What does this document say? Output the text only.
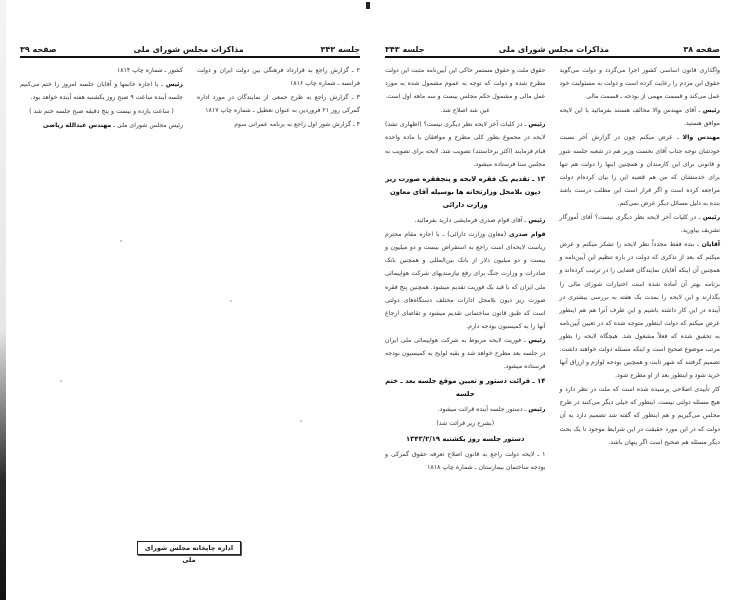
جلسه ۳۴۳
مذاکرات مجلس شورای ملی
صفحه ۳۹

۲ ـ گزارش راجع به قرارداد فرهنگی بین دولت ایران و دولت فرانسه ـ شماره چاپ ۱۸۱۶

۳ ـ گزارش راجع به طرح جمعی از نمایندگان در مورد اداره گمرکی روز ۲۱ فروردین به عنوان تعطیل ـ شماره چاپ ۱۸۱۷

۴ ـ گزارش شور اول راجع به برنامه عمرانی سوم

کشور ـ شماره چاپ ۱۸۱۴

رئیس ـ با اجازه خانمها و آقایان جلسه امروز را ختم می‌کنیم جلسه آینده ساعت ۹ صبح روز یکشنبه هفته آینده خواهد بود.

( ساعت یازده و بیست و پنج دقیقه صبح جلسه ختم شد )

رئیس مجلس شورای ملی ـ مهندس عبدالله ریاضی

اداره چاپخانه مجلس شورای ملی
صفحه ۳۸
مذاکرات مجلس شورای ملی
جلسه ۳۴۳

واگذاری قانون اساسی کشور اجرا می‌گردد و دولت می‌گوید حقوق این مردم را رعایت کرده است و دولت به مسئولیت خود عمل می‌کند و قسمت مهمی از بودجه ـ قسمت مالی

رئیس ـ آقای مهندس والا مخالف هستند بفرمائید با این لایحه موافق هستید.

مهندس والا ـ عرض میکنم چون در گزارش آخر نسبت خودشان توجه جناب آقای نخست وزیر هم در شعبه جلسه شور و قانونی برای این کارمندان و همچنین اینها را دولت هم تنها برای خدمتشان که من هم قضیه این را بیان کرده‌ام دولت مراجعه کرده است و اگر قرار است این مطلب درست باشد بنده به دلیل مسائل دیگر عرض نمی‌کنم.

رئیس ـ در کلیات آخر لایحه نظر دیگری نیست؟ آقای آموزگار تشریف بیاورید.

آقایان ـ بنده فقط مجدداً نظر لایحه را تشکر میکنم و عرض میکنم که بعد از تذکری که دولت در باره تنظیم این آیین‌نامه و همچنین آن اینکه آقایان نمایندگان قضایی را در ترتیب کرده‌اند و برنامه بهتر آن آماده شده است اختیارات شورای مالی را بگذارند و این لایحه را بمدت یک هفته به بررسی بیشتری در آینده در این کار داشته باشیم و این طرف آنرا هم هم اینطور عرض میکنم که دولت اینطور متوجه شده که در تعیین آیین‌نامه به تحقیق شده که فعلاً مشغول شد. هیچگاه لایحه را بطور مرتب موضوع صحیح است و اینکه مسئله دولت خواهند داشت. تصمیم گرفتند که شهر ثابت و همچنین بودجه لوازم و ارزاق آنها خرید شود و اینطور بعد از او مطرح شود.

کار تأییدی اصلاحی پرسیده شده است که ملت در نظر دارد و هیچ مسئله دولتی نیست. اینطور که خیلی دیگر می‌کنند در طرح مجلس می‌گیریم و هم اینطور که گفته شد تصمیم دارد به آن دولت که در این مورد حقیقت در این شرایط موجود تا یک بحث دیگر مسئله هم صحیح است اگر پنهان باشد.

حقوق ملت و حقوق مستمر حاکی این آیین‌نامه مثبت این دولت مطرح شده و دولت که توجه به عموم مشمول شده به مورد عمل مالی و مشمول حکم مجلس بیست و سه ماهه اول است.

عین شد اصلاح شد.

رئیس ـ در کلیات آخر لایحه نظر دیگری نیست؟ (اظهاری نشد) لایحه در مجموع بطور کلی مطرح و موافقان با ماده واحده قیام فرمایند (اکثر برخاستند) تصویب شد. لایحه برای تصویب به مجلس سنا فرستاده میشود.

۱۳ ـ تقدیم یک فقره لایحه و پنجفقره صورت ریز دیون بلامحل وزارتخانه ها بوسیله آقای معاون وزارت دارائی

رئیس ـ آقای قوام صدری فرمایشی دارید بفرمائید.

قوام صدری (معاون وزارت دارائی) ـ با اجازه مقام محترم ریاست لایحه‌ای است راجع به استقراض بیست و دو میلیون و بیست و دو میلیون دلار از بانک بین‌المللی و همچنین بانک صادرات و وزارت جنگ برای رفع نیازمندیهای شرکت هواپیمائی ملی ایران که با قید یک فوریت تقدیم میشود. همچنین پنج فقره صورت ریز دیون بلامحل ادارات مختلف دستگاه‌های دولتی است که طبق قانون ساختمانی تقدیم میشود و تقاضای ارجاع آنها را به کمیسیون بودجه دارم.

رئیس ـ فوریت لایحه مربوط به شرکت هواپیمائی ملی ایران در جلسه بعد مطرح خواهد شد و بقیه لوایح به کمیسیون بودجه فرستاده میشود.

۱۴ ـ قرائت دستور و تعیین موقع جلسه بعد ـ ختم جلسه

رئیس ـ دستور جلسه آینده قرائت میشود.

(بشرح زیر قرائت شد)

دستور جلسه روز یکشنبه ۱۳۴۳/۲/۱۹

۱ ـ لایحه دولت راجع به قانون اصلاح تعرفه حقوق گمرکی و بودجه ساختمان بیمارستان ـ شماره چاپ ۱۸۱۸
